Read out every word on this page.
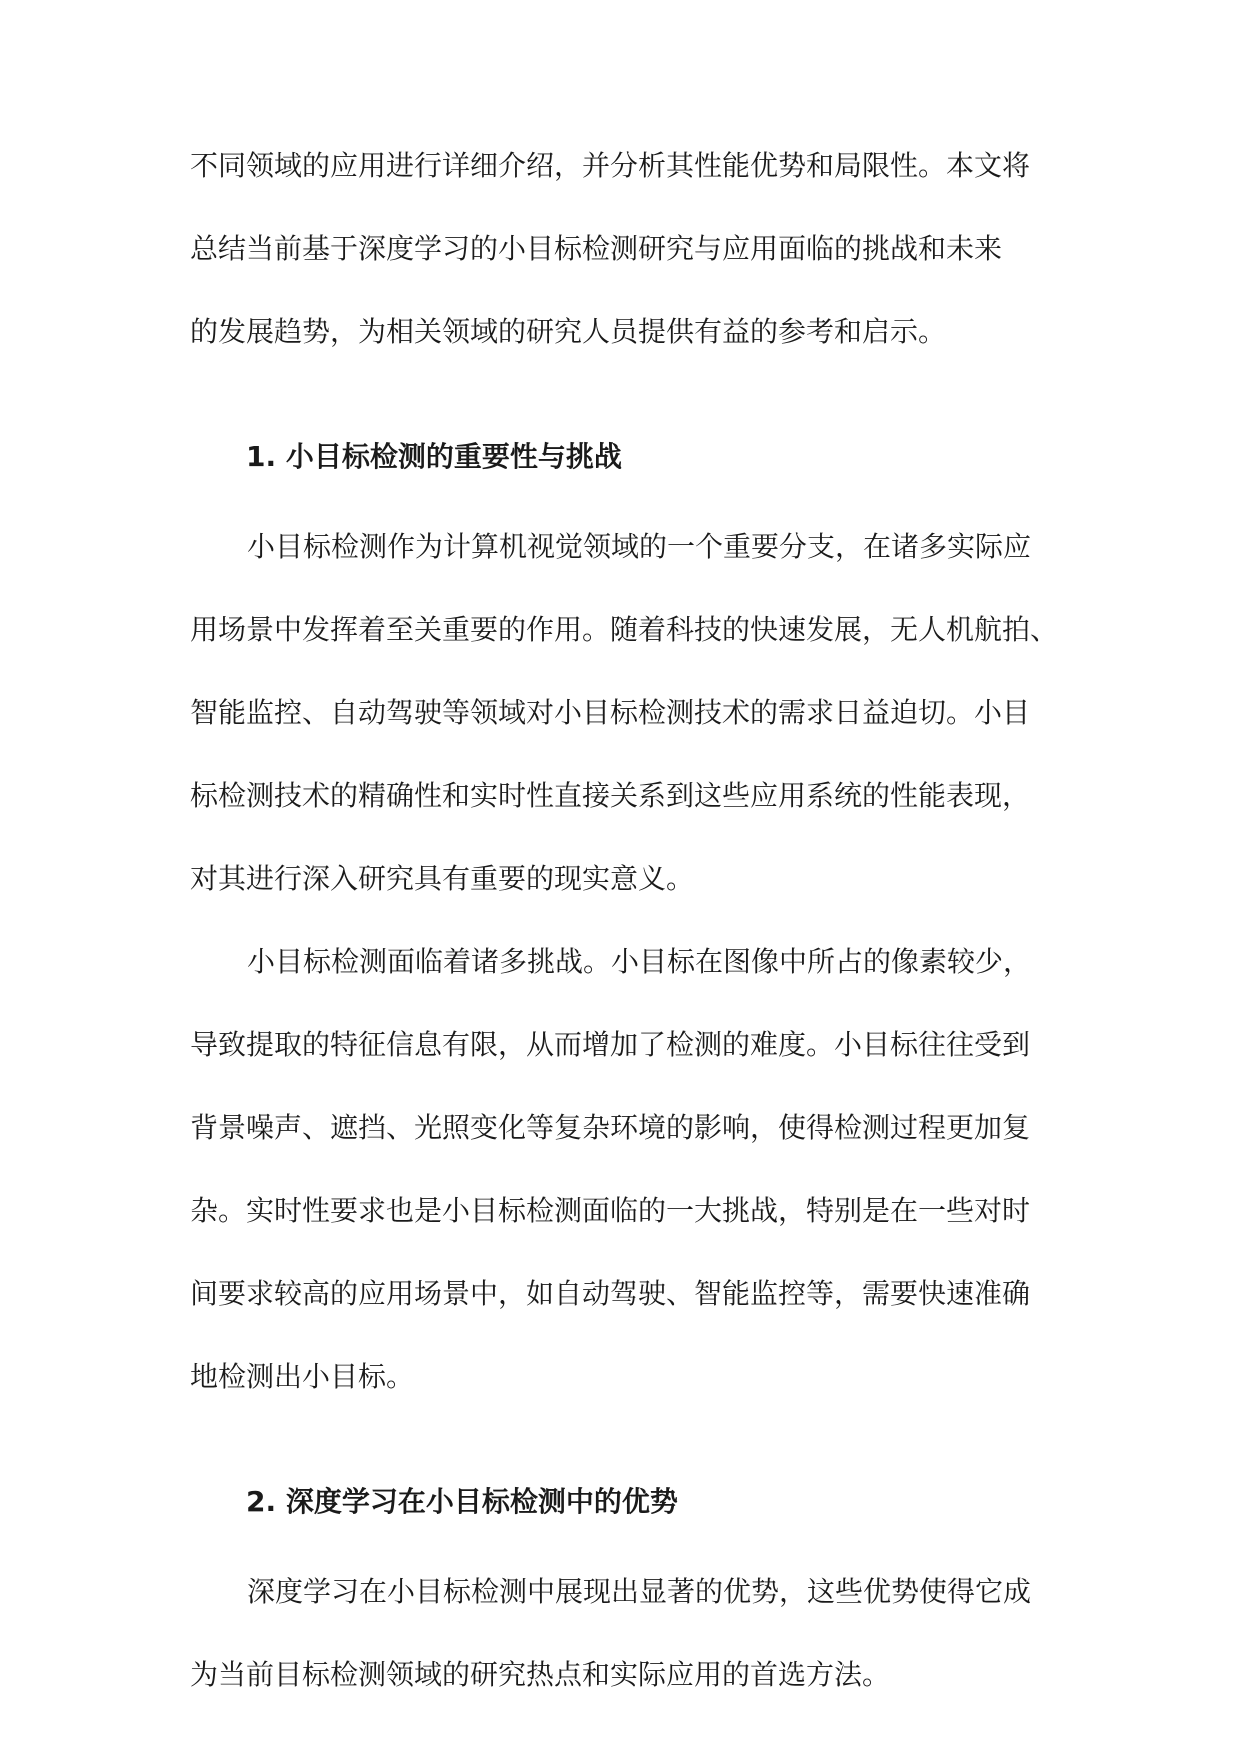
不同领域的应用进行详细介绍，并分析其性能优势和局限性。本文将
总结当前基于深度学习的小目标检测研究与应用面临的挑战和未来
的发展趋势，为相关领域的研究人员提供有益的参考和启示。
1. 小目标检测的重要性与挑战
小目标检测作为计算机视觉领域的一个重要分支，在诸多实际应
用场景中发挥着至关重要的作用。随着科技的快速发展，无人机航拍、
智能监控、自动驾驶等领域对小目标检测技术的需求日益迫切。小目
标检测技术的精确性和实时性直接关系到这些应用系统的性能表现，
对其进行深入研究具有重要的现实意义。
小目标检测面临着诸多挑战。小目标在图像中所占的像素较少，
导致提取的特征信息有限，从而增加了检测的难度。小目标往往受到
背景噪声、遮挡、光照变化等复杂环境的影响，使得检测过程更加复
杂。实时性要求也是小目标检测面临的一大挑战，特别是在一些对时
间要求较高的应用场景中，如自动驾驶、智能监控等，需要快速准确
地检测出小目标。
2. 深度学习在小目标检测中的优势
深度学习在小目标检测中展现出显著的优势，这些优势使得它成
为当前目标检测领域的研究热点和实际应用的首选方法。
